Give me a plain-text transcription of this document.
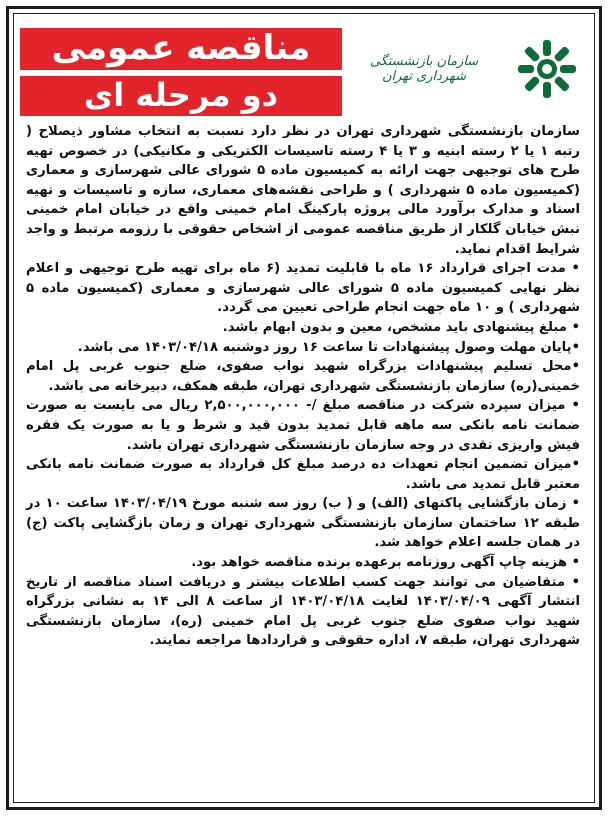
مناقصه عمومی
دو مرحله ای
سازمان بازنشستگی شهرداری تهران

سازمان بازنشستگی شهرداری تهران در نظر دارد نسبت به انتخاب مشاور ذیصلاح ( رتبه ۱ یا ۲ رسته ابنیه و ۳ یا ۴ رسته تاسیسات الکتریکی و مکانیکی) در خصوص تهیه طرح های توجیهی جهت ارائه به کمیسیون ماده ۵ شورای عالی شهرسازی و معماری (کمیسیون ماده ۵ شهرداری ) و طراحی نقشه‌های معماری، سازه و تاسیسات و تهیه اسناد و مدارک برآورد مالی پروژه پارکینگ امام خمینی واقع در خیابان امام خمینی نبش خیابان گلکار از طریق مناقصه عمومی از اشخاص حقوقی با رزومه مرتبط و واجد شرایط اقدام نماید.

• مدت اجرای قرارداد ۱۶ ماه با قابلیت تمدید (۶ ماه برای تهیه طرح توجیهی و اعلام نظر نهایی کمیسیون ماده ۵ شورای عالی شهرسازی و معماری (کمیسیون ماده ۵ شهرداری ) و ۱۰ ماه جهت انجام طراحی تعیین می گردد.

• مبلغ پیشنهادی باید مشخص، معین و بدون ابهام باشد.

•پایان مهلت وصول پیشنهادات تا ساعت ۱۶ روز دوشنبه ۱۴۰۳/۰۴/۱۸ می باشد.

•محل تسلیم پیشنهادات بزرگراه شهید نواب صفوی، ضلع جنوب غربی پل امام خمینی(ره) سازمان بازنشستگی شهرداری تهران، طبقه همکف، دبیرخانه می باشد.

• میزان سپرده شرکت در مناقصه مبلغ /- ۲,۵۰۰,۰۰۰,۰۰۰ ریال می بایست به صورت ضمانت نامه بانکی سه ماهه قابل تمدید بدون قید و شرط و یا به صورت یک فقره فیش واریزی نقدی در وجه سازمان بازنشستگی شهرداری تهران باشد.

•میزان تضمین انجام تعهدات ده درصد مبلغ کل قرارداد به صورت ضمانت نامه بانکی معتبر قابل تمدید می باشد.

• زمان بازگشایی پاکتهای (الف) و ( ب) روز سه شنبه مورخ ۱۴۰۳/۰۴/۱۹ ساعت ۱۰ در طبقه ۱۲ ساختمان سازمان بازنشستگی شهرداری تهران و زمان بازگشایی پاکت (ج) در همان جلسه اعلام خواهد شد.

• هزینه چاپ آگهی روزنامه برعهده برنده مناقصه خواهد بود.

• متقاضیان می توانند جهت کسب اطلاعات بیشتر و دریافت اسناد مناقصه از تاریخ انتشار آگهی ۱۴۰۳/۰۴/۰۹ لغایت ۱۴۰۳/۰۴/۱۸ از ساعت ۸ الی ۱۴ به نشانی بزرگراه شهید نواب صفوی ضلع جنوب غربی پل امام خمینی (ره)، سازمان بازنشستگی شهرداری تهران، طبقه ۷، اداره حقوقی و قراردادها مراجعه نمایند.
